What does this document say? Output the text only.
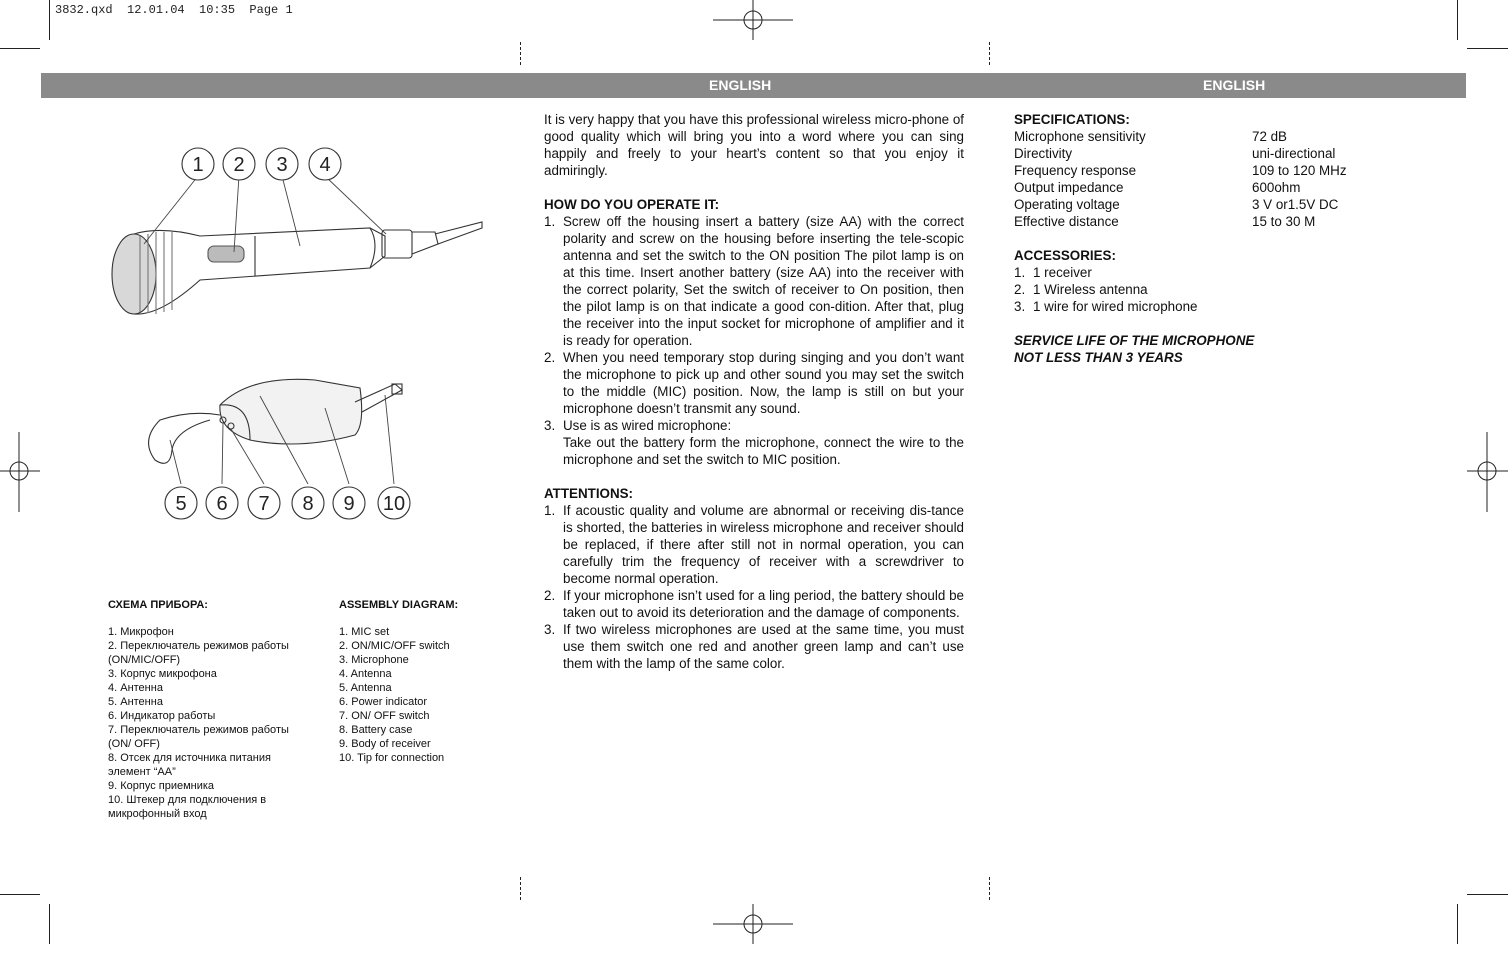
3832.qxd  12.01.04  10:35  Page 1
ENGLISH	ENGLISH
1 2 3 4
5 6 7 8 9 10
СХЕМА ПРИБОРА:
1. Микрофон
2. Переключатель режимов работы
(ON/MIC/OFF)
3. Корпус микрофона
4. Антенна
5. Антенна
6. Индикатор работы
7. Переключатель режимов работы
(ON/ OFF)
8. Отсек для источника питания
элемент “AA”
9. Корпус приемника
10. Штекер для подключения в
микрофонный вход
ASSEMBLY DIAGRAM:
1. MIC set
2. ON/MIC/OFF switch
3. Microphone
4. Antenna
5. Antenna
6. Power indicator
7. ON/ OFF switch
8. Battery case
9. Body of receiver
10. Tip for connection

It is very happy that you have this professional wireless micro-phone of good quality which will bring you into a word where you can sing happily and freely to your heart’s content so that you enjoy it admiringly.

HOW DO YOU OPERATE IT:

1. Screw off the housing insert a battery (size AA) with the correct polarity and screw on the housing before inserting the tele-scopic antenna and set the switch to the ON position The pilot lamp is on at this time. Insert another battery (size AA) into the receiver with the correct polarity, Set the switch of receiver to On position, then the pilot lamp is on that indicate a good con-dition. After that, plug the receiver into the input socket for microphone of amplifier and it is ready for operation.
2. When you need temporary stop during singing and you don’t want the microphone to pick up and other sound you may set the switch to the middle (MIC) position. Now, the lamp is still on but your microphone doesn’t transmit any sound.
3. Use is as wired microphone:
Take out the battery form the microphone, connect the wire to the microphone and set the switch to MIC position.

ATTENTIONS:

1. If acoustic quality and volume are abnormal or receiving dis-tance is shorted, the batteries in wireless microphone and receiver should be replaced, if there after still not in normal operation, you can carefully trim the frequency of receiver with a screwdriver to become normal operation.
2. If your microphone isn’t used for a ling period, the battery should be taken out to avoid its deterioration and the damage of components.
3. If two wireless microphones are used at the same time, you must use them switch one red and another green lamp and can’t use them with the lamp of the same color.

SPECIFICATIONS:

Microphone sensitivity	72 dB
Directivity	uni-directional
Frequency response	109 to 120 MHz
Output impedance	600ohm
Operating voltage	3 V or1.5V DC
Effective distance	15 to 30 M

ACCESSORIES:

1. 1 receiver
2. 1 Wireless antenna
3. 1 wire for wired microphone

SERVICE LIFE OF THE MICROPHONE

NOT LESS THAN 3 YEARS
